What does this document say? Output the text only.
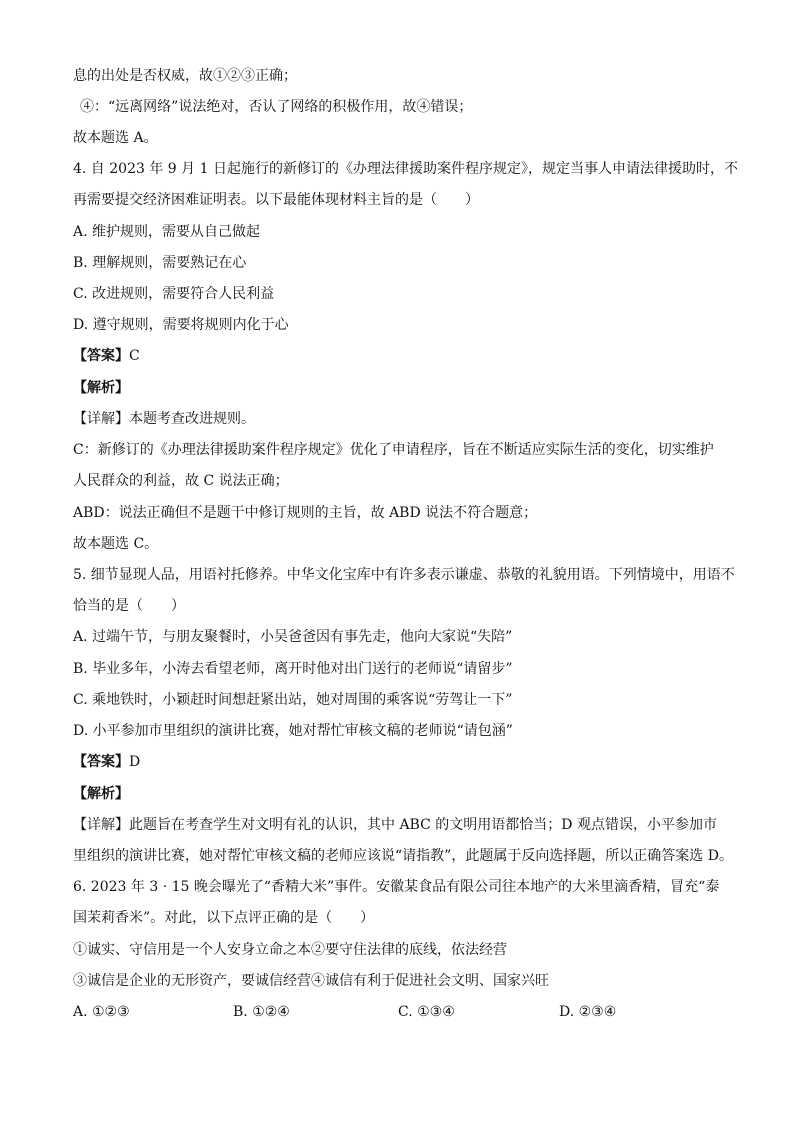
息的出处是否权威，故①②③正确；
④：“远离网络”说法绝对，否认了网络的积极作用，故④错误；
故本题选 A。
4. 自 2023 年 9 月 1 日起施行的新修订的《办理法律援助案件程序规定》，规定当事人申请法律援助时，不
再需要提交经济困难证明表。以下最能体现材料主旨的是（　　）
A. 维护规则，需要从自己做起
B. 理解规则，需要熟记在心
C. 改进规则，需要符合人民利益
D. 遵守规则，需要将规则内化于心
【答案】C
【解析】
【详解】本题考查改进规则。
C：新修订的《办理法律援助案件程序规定》优化了申请程序，旨在不断适应实际生活的变化，切实维护
人民群众的利益，故 C 说法正确；
ABD：说法正确但不是题干中修订规则的主旨，故 ABD 说法不符合题意；
故本题选 C。
5. 细节显现人品，用语衬托修养。中华文化宝库中有许多表示谦虚、恭敬的礼貌用语。下列情境中，用语不
恰当的是（　　）
A. 过端午节，与朋友聚餐时，小吴爸爸因有事先走，他向大家说“失陪”
B. 毕业多年，小涛去看望老师，离开时他对出门送行的老师说“请留步”
C. 乘地铁时，小颖赶时间想赶紧出站，她对周围的乘客说“劳驾让一下”
D. 小平参加市里组织的演讲比赛，她对帮忙审核文稿的老师说“请包涵”
【答案】D
【解析】
【详解】此题旨在考查学生对文明有礼的认识，其中 ABC 的文明用语都恰当；D 观点错误，小平参加市
里组织的演讲比赛，她对帮忙审核文稿的老师应该说“请指教”，此题属于反向选择题，所以正确答案选 D。
6. 2023 年 3 · 15 晚会曝光了“香精大米”事件。安徽某食品有限公司往本地产的大米里滴香精，冒充“泰
国茉莉香米”。对此，以下点评正确的是（　　）
①诚实、守信用是一个人安身立命之本②要守住法律的底线，依法经营
③诚信是企业的无形资产，要诚信经营④诚信有利于促进社会文明、国家兴旺
A. ①②③	B. ①②④	C. ①③④	D. ②③④
